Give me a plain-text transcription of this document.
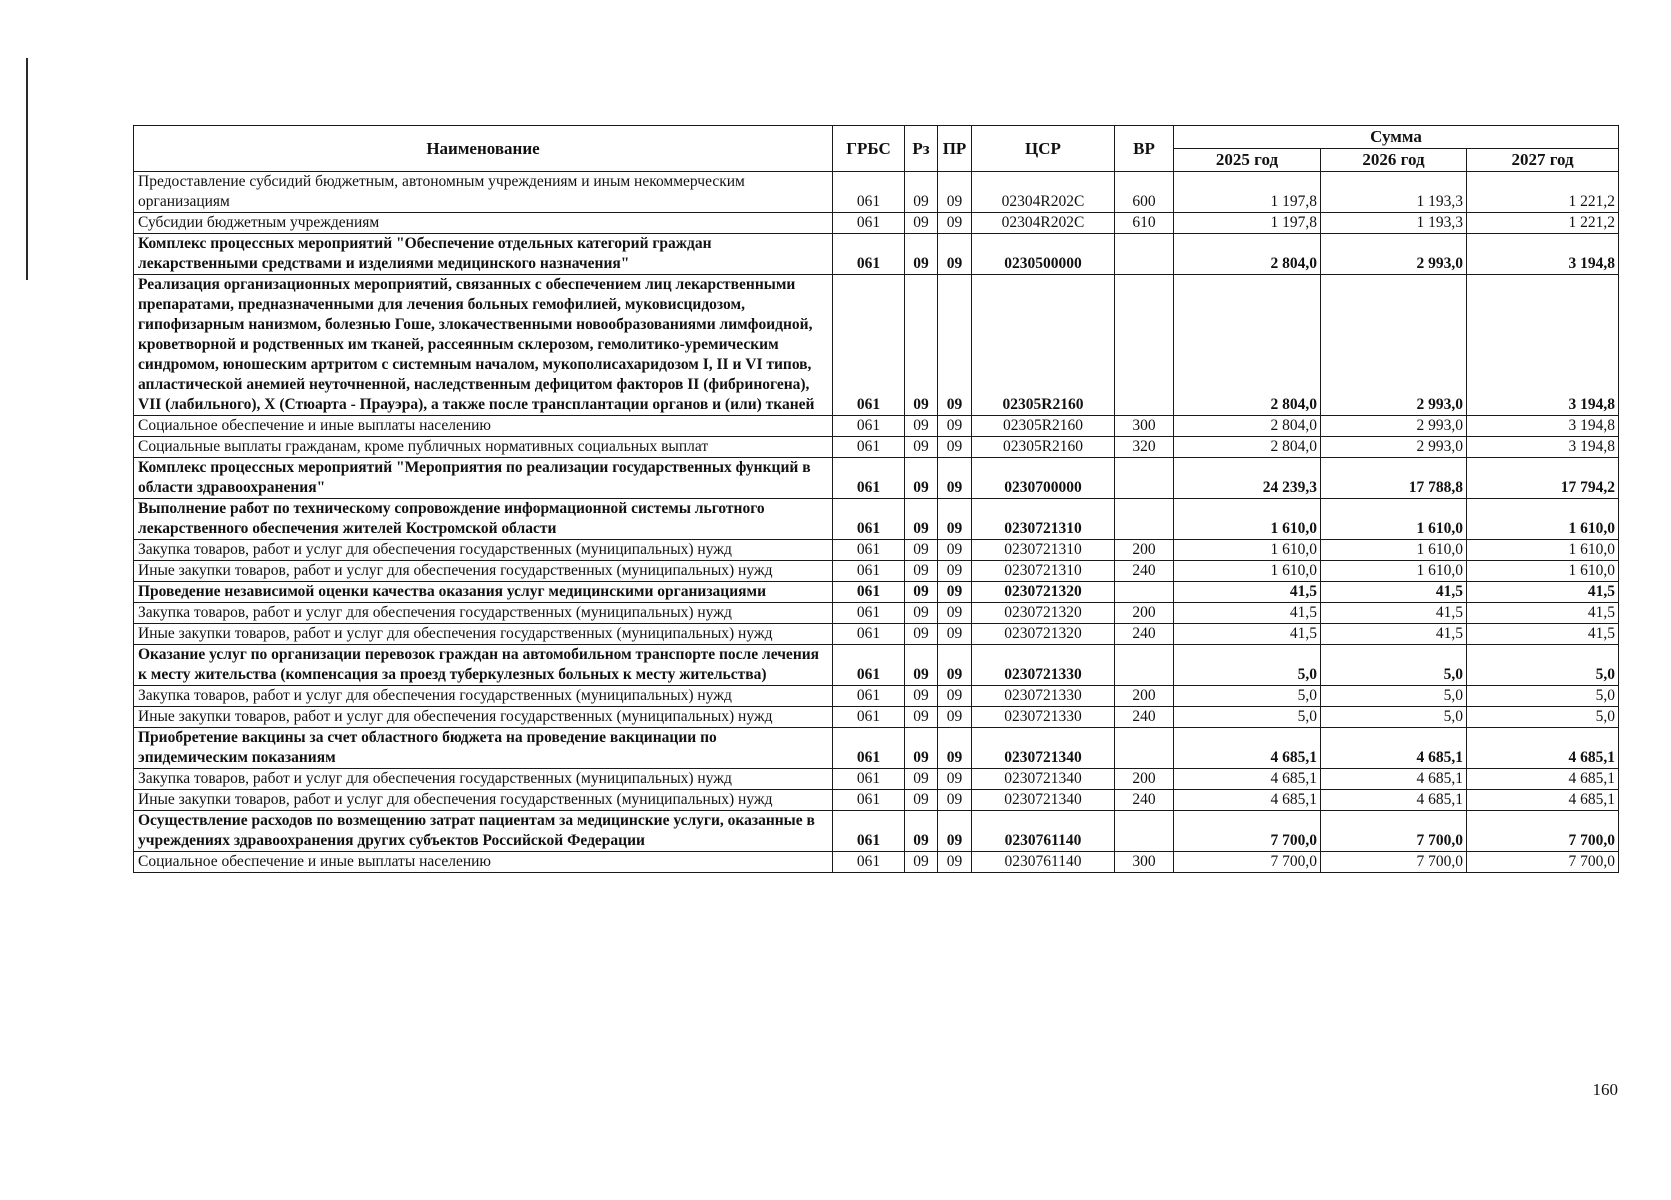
Наименование	ГРБС	Рз	ПР	ЦСР	ВР	Сумма		
						2025 год	2026 год	2027 год
Предоставление субсидий бюджетным, автономным учреждениям и иным некоммерческим организациям	061	09	09	02304R202C	600	1 197,8	1 193,3	1 221,2
Субсидии бюджетным учреждениям	061	09	09	02304R202C	610	1 197,8	1 193,3	1 221,2
Комплекс процессных мероприятий "Обеспечение отдельных категорий граждан лекарственными средствами и изделиями медицинского назначения"	061	09	09	0230500000		2 804,0	2 993,0	3 194,8
Реализация организационных мероприятий, связанных с обеспечением лиц лекарственными препаратами, предназначенными для лечения больных гемофилией, муковисцидозом, гипофизарным нанизмом, болезнью Гоше, злокачественными новообразованиями лимфоидной, кроветворной и родственных им тканей, рассеянным склерозом, гемолитико-уремическим синдромом, юношеским артритом с системным началом, мукополисахаридозом I, II и VI типов, апластической анемией неуточненной, наследственным дефицитом факторов II (фибриногена), VII (лабильного), X (Стюарта - Прауэра), а также после трансплантации органов и (или) тканей	061	09	09	02305R2160		2 804,0	2 993,0	3 194,8
Социальное обеспечение и иные выплаты населению	061	09	09	02305R2160	300	2 804,0	2 993,0	3 194,8
Социальные выплаты гражданам, кроме публичных нормативных социальных выплат	061	09	09	02305R2160	320	2 804,0	2 993,0	3 194,8
Комплекс процессных мероприятий "Мероприятия по реализации государственных функций в области здравоохранения"	061	09	09	0230700000		24 239,3	17 788,8	17 794,2
Выполнение работ по техническому сопровождение информационной системы льготного лекарственного обеспечения жителей Костромской области	061	09	09	0230721310		1 610,0	1 610,0	1 610,0
Закупка товаров, работ и услуг для обеспечения государственных (муниципальных) нужд	061	09	09	0230721310	200	1 610,0	1 610,0	1 610,0
Иные закупки товаров, работ и услуг для обеспечения государственных (муниципальных) нужд	061	09	09	0230721310	240	1 610,0	1 610,0	1 610,0
Проведение независимой оценки качества оказания услуг медицинскими организациями	061	09	09	0230721320		41,5	41,5	41,5
Закупка товаров, работ и услуг для обеспечения государственных (муниципальных) нужд	061	09	09	0230721320	200	41,5	41,5	41,5
Иные закупки товаров, работ и услуг для обеспечения государственных (муниципальных) нужд	061	09	09	0230721320	240	41,5	41,5	41,5
Оказание услуг по организации перевозок граждан на автомобильном транспорте после лечения к месту жительства (компенсация за проезд туберкулезных больных к месту жительства)	061	09	09	0230721330		5,0	5,0	5,0
Закупка товаров, работ и услуг для обеспечения государственных (муниципальных) нужд	061	09	09	0230721330	200	5,0	5,0	5,0
Иные закупки товаров, работ и услуг для обеспечения государственных (муниципальных) нужд	061	09	09	0230721330	240	5,0	5,0	5,0
Приобретение вакцины за счет областного бюджета на проведение вакцинации по эпидемическим показаниям	061	09	09	0230721340		4 685,1	4 685,1	4 685,1
Закупка товаров, работ и услуг для обеспечения государственных (муниципальных) нужд	061	09	09	0230721340	200	4 685,1	4 685,1	4 685,1
Иные закупки товаров, работ и услуг для обеспечения государственных (муниципальных) нужд	061	09	09	0230721340	240	4 685,1	4 685,1	4 685,1
Осуществление расходов по возмещению затрат пациентам за медицинские услуги, оказанные в учреждениях здравоохранения других субъектов Российской Федерации	061	09	09	0230761140		7 700,0	7 700,0	7 700,0
Социальное обеспечение и иные выплаты населению	061	09	09	0230761140	300	7 700,0	7 700,0	7 700,0
160
